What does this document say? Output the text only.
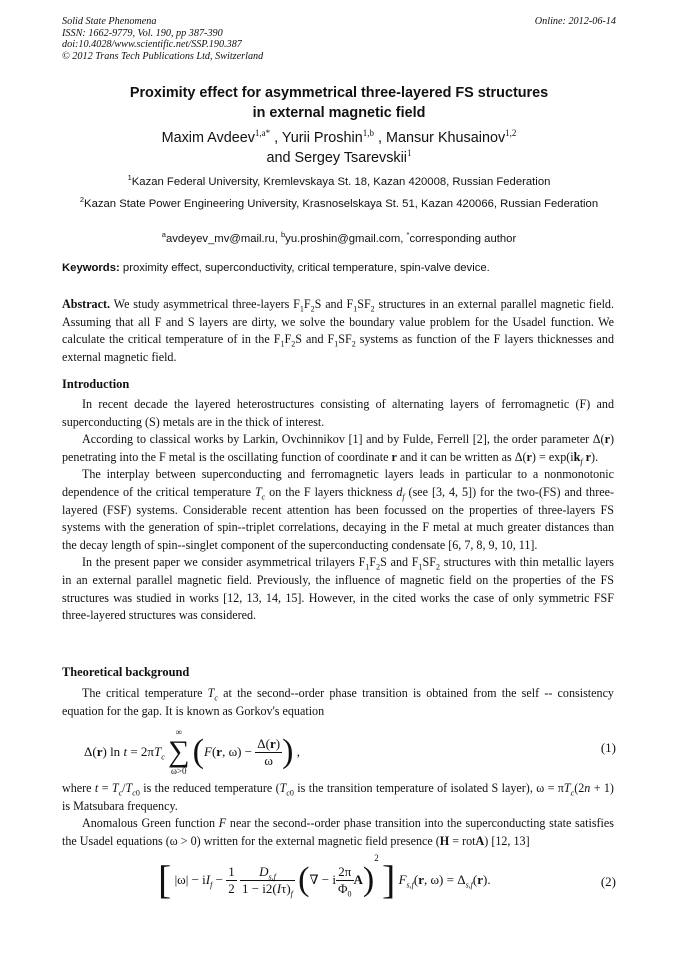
Solid State Phenomena
ISSN: 1662-9779, Vol. 190, pp 387-390
doi:10.4028/www.scientific.net/SSP.190.387
© 2012 Trans Tech Publications Ltd, Switzerland
Online: 2012-06-14
Proximity effect for asymmetrical three-layered FS structures
in external magnetic field
Maxim Avdeev$^{1,a*}$ , Yurii Proshin$^{1,b}$ , Mansur Khusainov$^{1,2}$
and Sergey Tsarevskii$^1$
$^1$Kazan Federal University, Kremlevskaya St. 18, Kazan 420008, Russian Federation
$^2$Kazan State Power Engineering University, Krasnoselskaya St. 51, Kazan 420066, Russian Federation
$^a$avdeyev_mv@mail.ru, $^b$yu.proshin@gmail.com, *corresponding author
Keywords: proximity effect, superconductivity, critical temperature, spin-valve device.

Abstract. We study asymmetrical three-layers $F_1F_2S$ and $F_1SF_2$ structures in an external parallel magnetic field. Assuming that all F and S layers are dirty, we solve the boundary value problem for the Usadel function. We calculate the critical temperature of in the $F_1F_2S$ and $F_1SF_2$ systems as function of the F layers thicknesses and external magnetic field.

Introduction

In recent decade the layered heterostructures consisting of alternating layers of ferromagnetic (F) and superconducting (S) metals are in the thick of interest.

According to classical works by Larkin, Ovchinnikov [1] and by Fulde, Ferrell [2], the order parameter Δ(r) penetrating into the F metal is the oscillating function of coordinate r and it can be written as $\Delta(r) = \exp(ik_f$ r).

The interplay between superconducting and ferromagnetic layers leads in particular to a nonmonotonic dependence of the critical temperature $T_c$ on the F layers thickness $d_f$ (see [3, 4, 5]) for the two-(FS) and three-layered (FSF) systems. Considerable recent attention has been focussed on the properties of three-layers FS systems with the generation of spin--triplet correlations, decaying in the F metal at much greater distances than the decay length of spin--singlet component of the superconducting condensate [6, 7, 8, 9, 10, 11].

In the present paper we consider asymmetrical trilayers $F_1F_2S$ and $F_1SF_2$ structures with thin metallic layers in an external parallel magnetic field. Previously, the influence of magnetic field on the properties of the FS structures was studied in works [12, 13, 14, 15]. However, in the cited works the case of only symmetric FSF three-layered structures was considered.

Theoretical background

The critical temperature $T_c$ at the second--order phase transition is obtained from the self -- consistency equation for the gap. It is known as Gorkov's equation

Δ(r) $\ln t = 2\pi T_c$
∞
∑
ω>0
(F(r, $\omega) - \frac{\Delta(r)}{\omega}$ ) ,	(1)

where $t = T_c/T_{c0}$ is the reduced temperature ($T_{c0}$ is the transition temperature of isolated S layer), $\omega = \pi T_c(2n + 1)$ is Matsubara frequency.

Anomalous Green function F near the second--order phase transition into the superconducting state satisfies the Usadel equations (ω > 0) written for the external magnetic field presence (H = rotA) [12, 13]

[ $|\omega| - iI_f - \frac{1}{2}$
$\frac{D_{s,f}}{1 - i2(I\tau)_f}$ (∇ − i $\frac{2\pi}{\Phi_0} A)^2$ ] $F_{s,f}(r$, $\omega) = \Delta_{s,f}(r)$.	(2)
